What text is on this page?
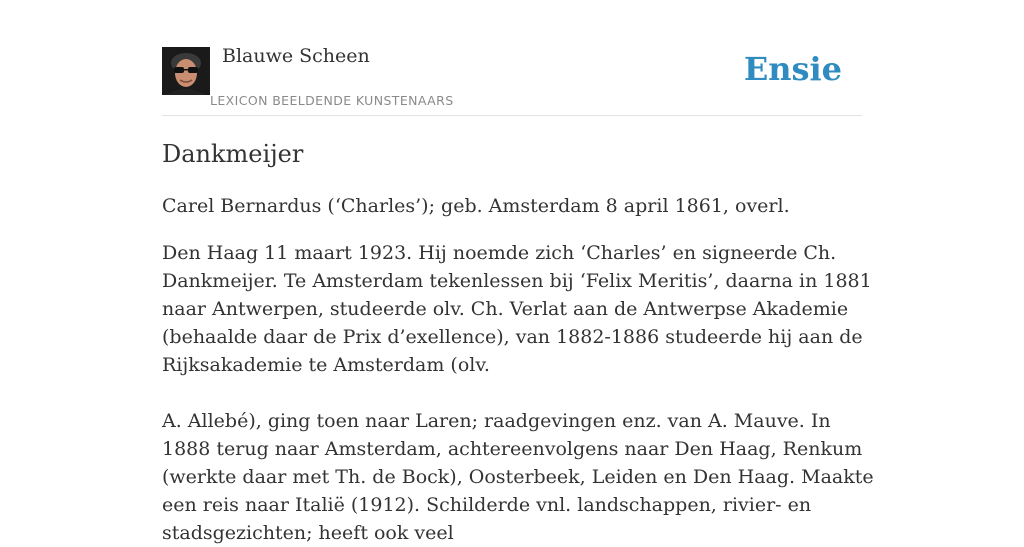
Blauwe Scheen
LEXICON BEELDENDE KUNSTENAARS
Ensie
Dankmeijer

Carel Bernardus (‘Charles’); geb. Amsterdam 8 april 1861, overl.

Den Haag 11 maart 1923. Hij noemde zich ‘Charles’ en signeerde Ch. Dankmeijer. Te Amsterdam tekenlessen bij ‘Felix Meritis’, daarna in 1881 naar Antwerpen, studeerde olv. Ch. Verlat aan de Antwerpse Akademie (behaalde daar de Prix d’exellence), van 1882-1886 studeerde hij aan de Rijksakademie te Amsterdam (olv.

A. Allebé), ging toen naar Laren; raadgevingen enz. van A. Mauve. In 1888 terug naar Amsterdam, achtereenvolgens naar Den Haag, Renkum (werkte daar met Th. de Bock), Oosterbeek, Leiden en Den Haag. Maakte een reis naar Italië (1912). Schilderde vnl. landschappen, rivier- en stadsgezichten; heeft ook veel
